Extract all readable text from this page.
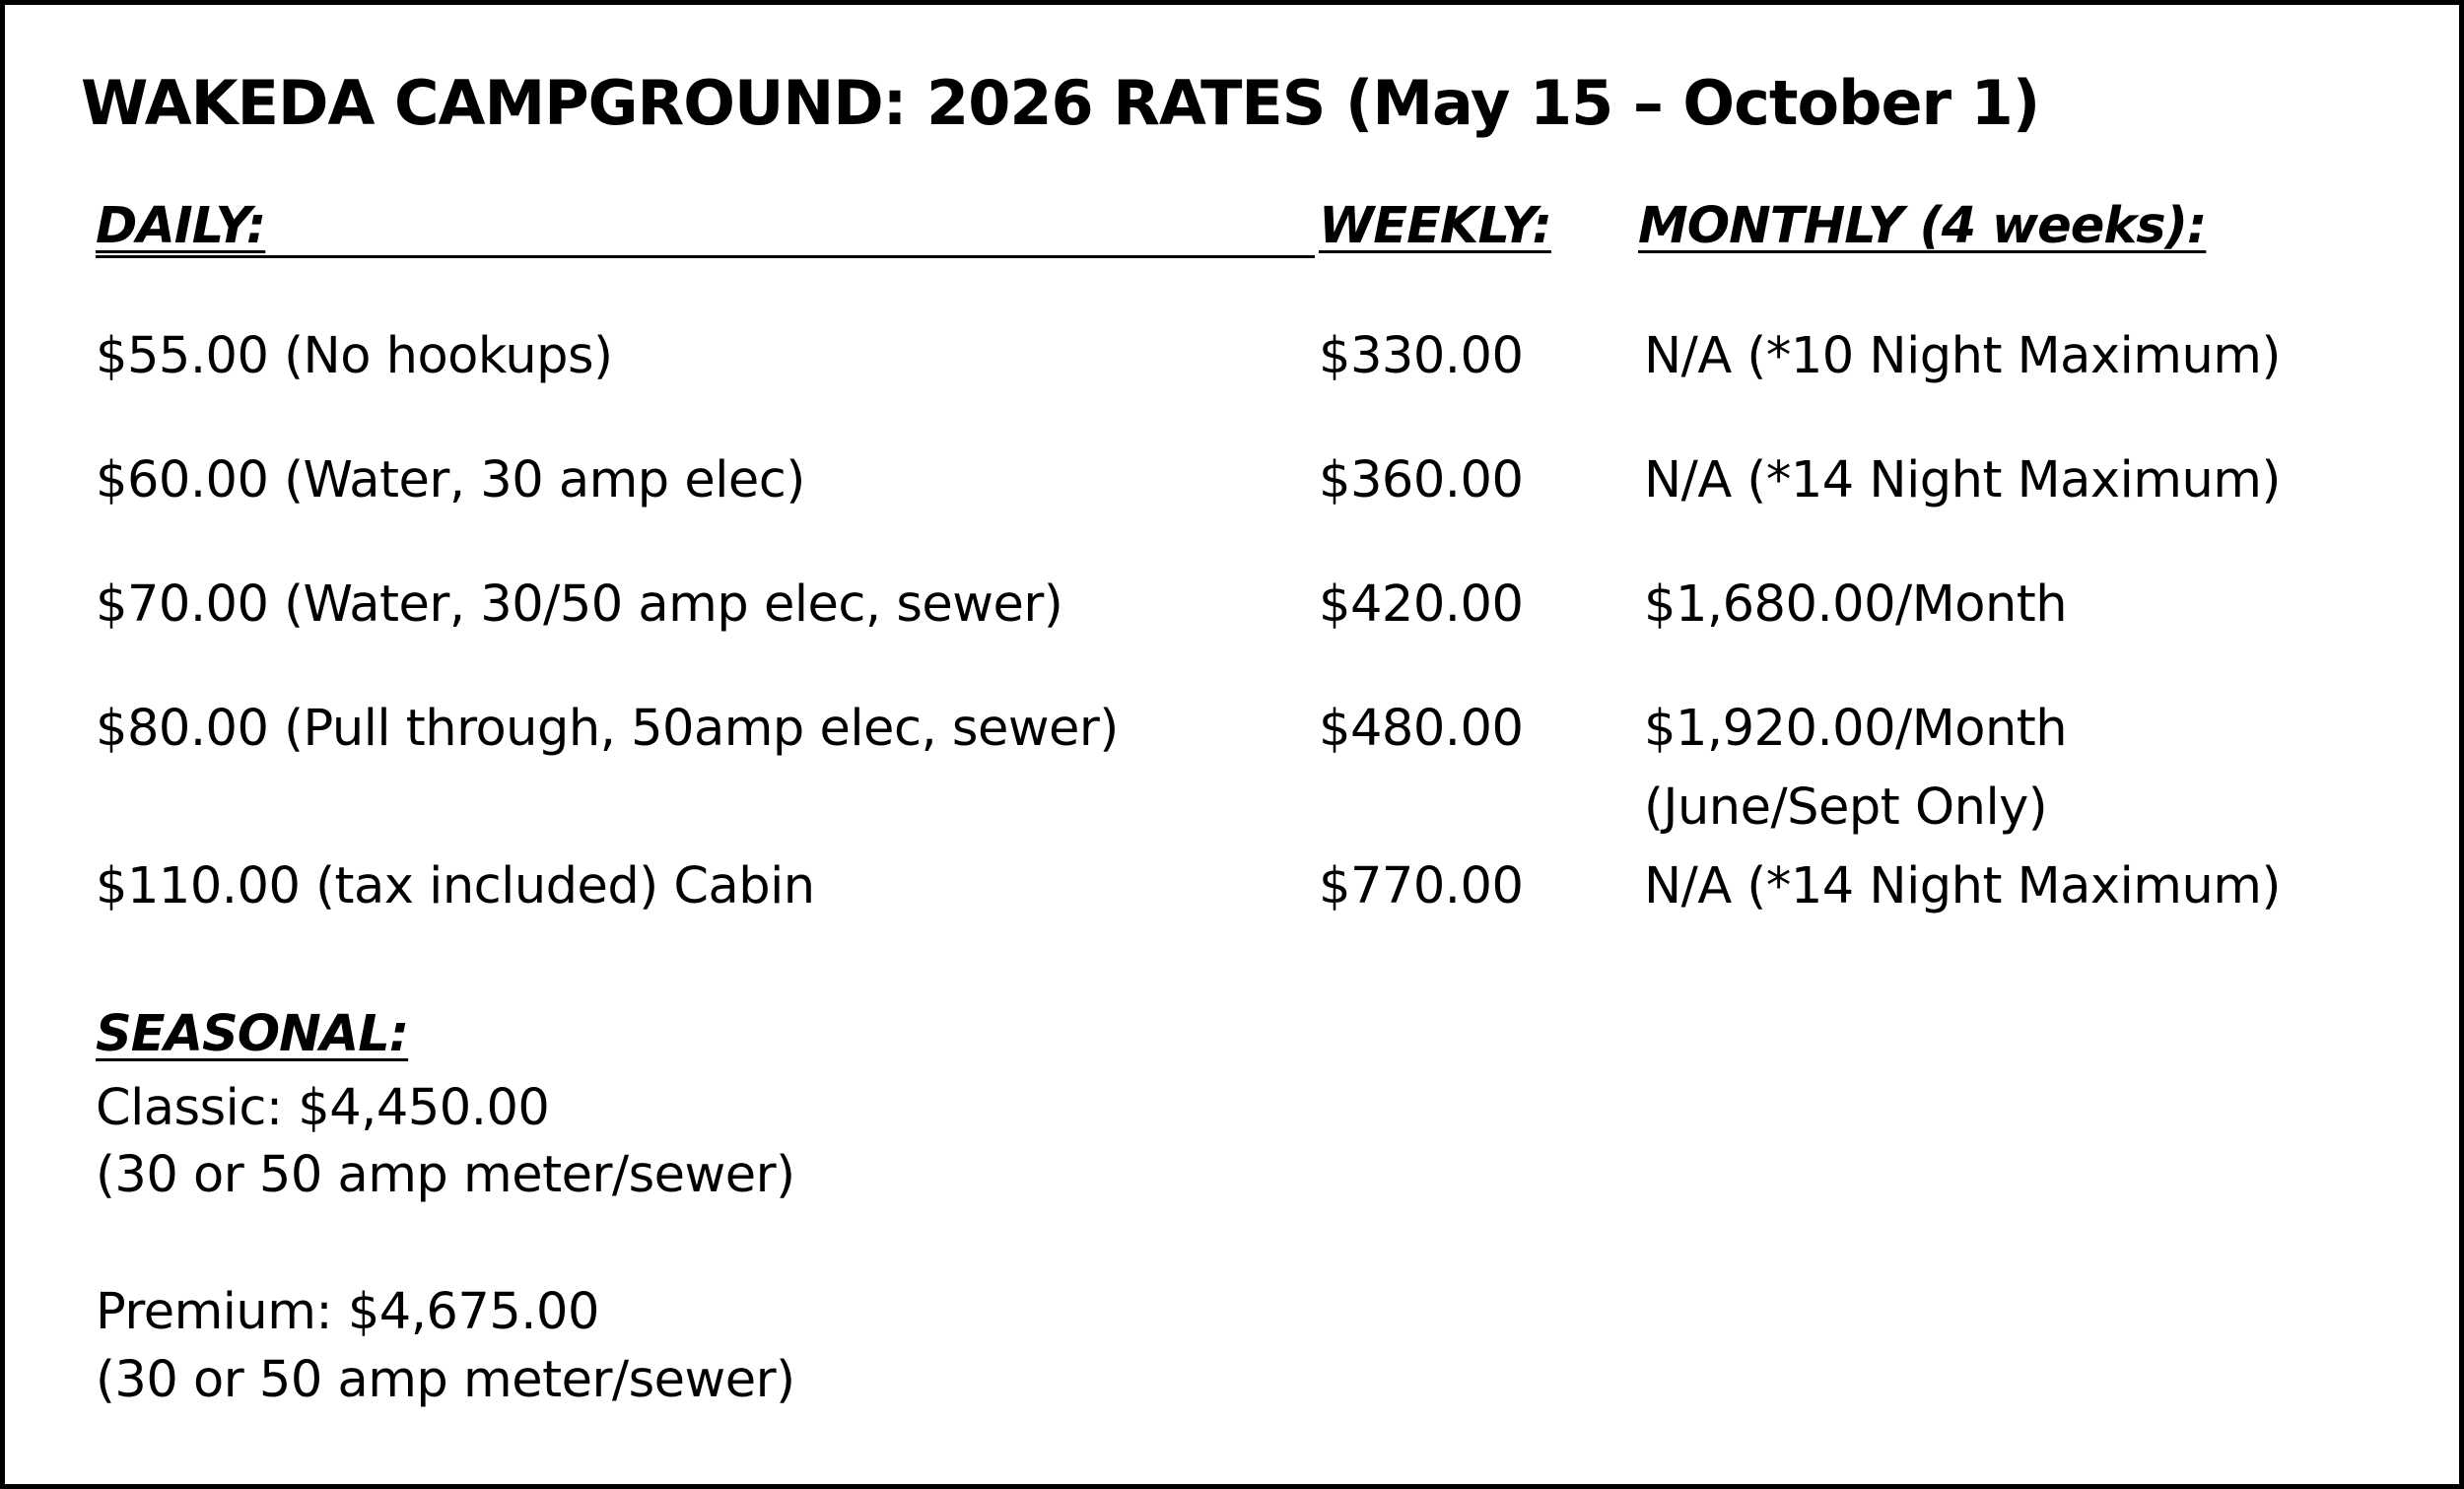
WAKEDA CAMPGROUND: 2026 RATES (May 15 – October 1)
DAILY:	WEEKLY: MONTHLY (4 weeks):
$55.00 (No hookups)	$330.00 N/A (*10 Night Maximum)
$60.00 (Water, 30 amp elec)	$360.00 N/A (*14 Night Maximum)
$70.00 (Water, 30/50 amp elec, sewer)	$420.00 $1,680.00/Month
$80.00 (Pull through, 50amp elec, sewer)	$480.00 $1,920.00/Month
(June/Sept Only)
$110.00 (tax included) Cabin	$770.00 N/A (*14 Night Maximum)
SEASONAL:
Classic: $4,450.00
(30 or 50 amp meter/sewer)
Premium: $4,675.00
(30 or 50 amp meter/sewer)
